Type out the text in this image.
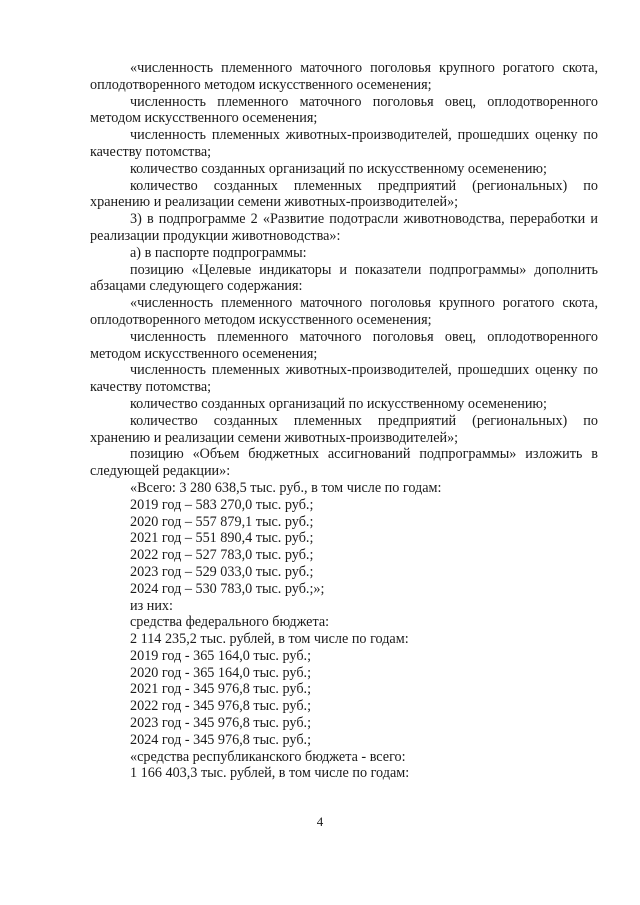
«численность племенного маточного поголовья крупного рогатого скота, оплодотворенного методом искусственного осеменения;

численность племенного маточного поголовья овец, оплодотворенного методом искусственного осеменения;

численность племенных животных-производителей, прошедших оценку по качеству потомства;

количество созданных организаций по искусственному осеменению;

количество созданных племенных предприятий (региональных) по хранению и реализации семени животных-производителей»;

3) в подпрограмме 2 «Развитие подотрасли животноводства, переработки и реализации продукции животноводства»:

а) в паспорте подпрограммы:

позицию «Целевые индикаторы и показатели подпрограммы» дополнить абзацами следующего содержания:

«численность племенного маточного поголовья крупного рогатого скота, оплодотворенного методом искусственного осеменения;

численность племенного маточного поголовья овец, оплодотворенного методом искусственного осеменения;

численность племенных животных-производителей, прошедших оценку по качеству потомства;

количество созданных организаций по искусственному осеменению;

количество созданных племенных предприятий (региональных) по хранению и реализации семени животных-производителей»;

позицию «Объем бюджетных ассигнований подпрограммы» изложить в следующей редакции»:

«Всего: 3 280 638,5 тыс. руб., в том числе по годам:

2019 год – 583 270,0 тыс. руб.;

2020 год – 557 879,1 тыс. руб.;

2021 год – 551 890,4 тыс. руб.;

2022 год – 527 783,0 тыс. руб.;

2023 год – 529 033,0 тыс. руб.;

2024 год – 530 783,0 тыс. руб.;»;

из них:

средства федерального бюджета:

2 114 235,2 тыс. рублей, в том числе по годам:

2019 год - 365 164,0 тыс. руб.;

2020 год - 365 164,0 тыс. руб.;

2021 год - 345 976,8 тыс. руб.;

2022 год - 345 976,8 тыс. руб.;

2023 год - 345 976,8 тыс. руб.;

2024 год - 345 976,8 тыс. руб.;

«средства республиканского бюджета - всего:

1 166 403,3 тыс. рублей, в том числе по годам:

4
